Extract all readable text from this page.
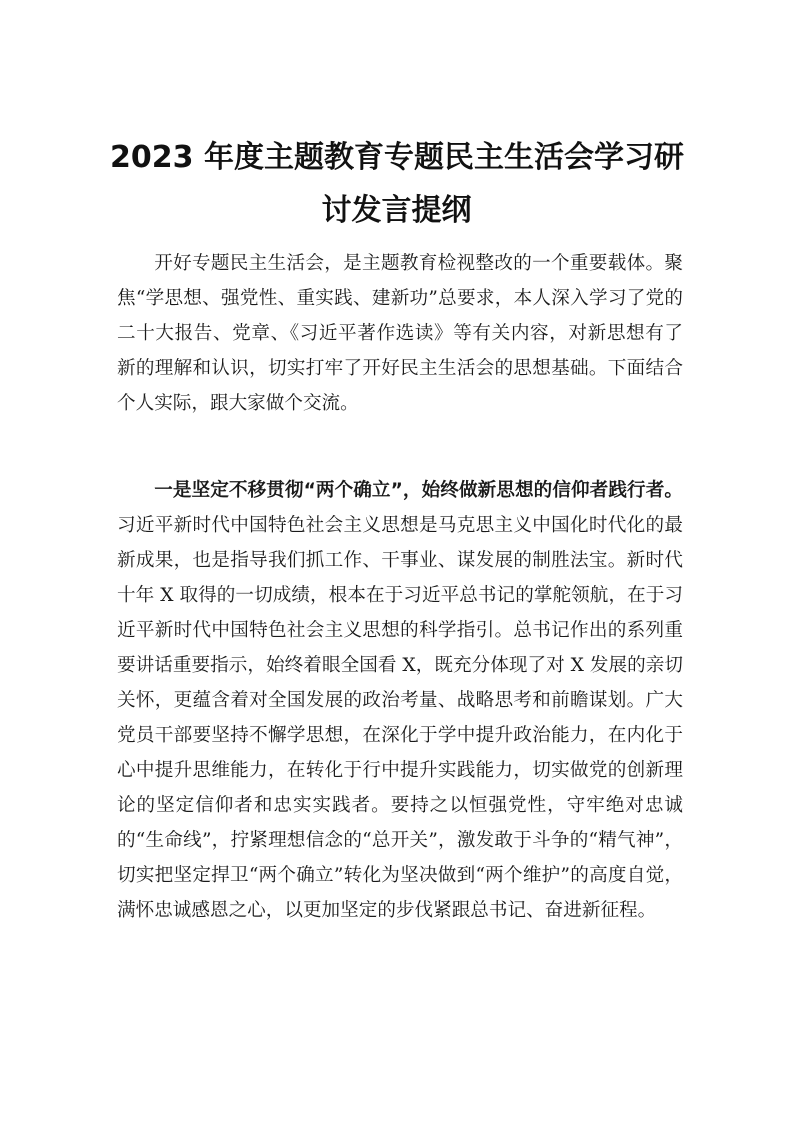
2023 年度主题教育专题民主生活会学习研
讨发言提纲

开好专题民主生活会，是主题教育检视整改的一个重要载体。聚焦“学思想、强党性、重实践、建新功”总要求，本人深入学习了党的二十大报告、党章、《习近平著作选读》等有关内容，对新思想有了新的理解和认识，切实打牢了开好民主生活会的思想基础。下面结合个人实际，跟大家做个交流。

一是坚定不移贯彻“两个确立”，始终做新思想的信仰者践行者。习近平新时代中国特色社会主义思想是马克思主义中国化时代化的最新成果，也是指导我们抓工作、干事业、谋发展的制胜法宝。新时代十年 X 取得的一切成绩，根本在于习近平总书记的掌舵领航，在于习近平新时代中国特色社会主义思想的科学指引。总书记作出的系列重要讲话重要指示，始终着眼全国看 X，既充分体现了对 X 发展的亲切关怀，更蕴含着对全国发展的政治考量、战略思考和前瞻谋划。广大党员干部要坚持不懈学思想，在深化于学中提升政治能力，在内化于心中提升思维能力，在转化于行中提升实践能力，切实做党的创新理论的坚定信仰者和忠实实践者。要持之以恒强党性，守牢绝对忠诚的“生命线”，拧紧理想信念的“总开关”，激发敢于斗争的“精气神”，切实把坚定捍卫“两个确立”转化为坚决做到“两个维护”的高度自觉，满怀忠诚感恩之心，以更加坚定的步伐紧跟总书记、奋进新征程。
